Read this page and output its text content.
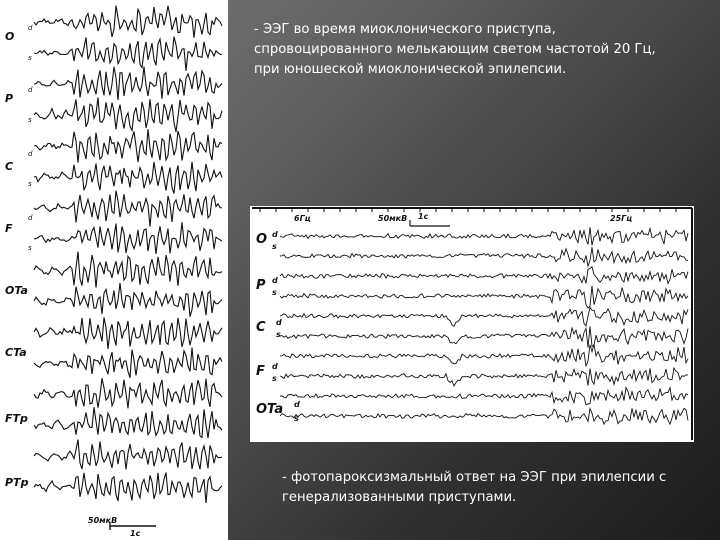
O
P
C
F
OTa
CTa
FTp
PTp
d
s
d
s
d
s
d
s
50мкВ
1с
- ЭЭГ во время миоклонического приступа, спровоцированного мелькающим светом частотой 20 Гц, при юношеской миоклонической эпилепсии.
6Гц	50мкВ 1с	25Гц
O
P
C
F
OTa
d
s
d
s
d
s
d
s
d
s
- фотопароксизмальный ответ на ЭЭГ при эпилепсии с генерализованными приступами.
